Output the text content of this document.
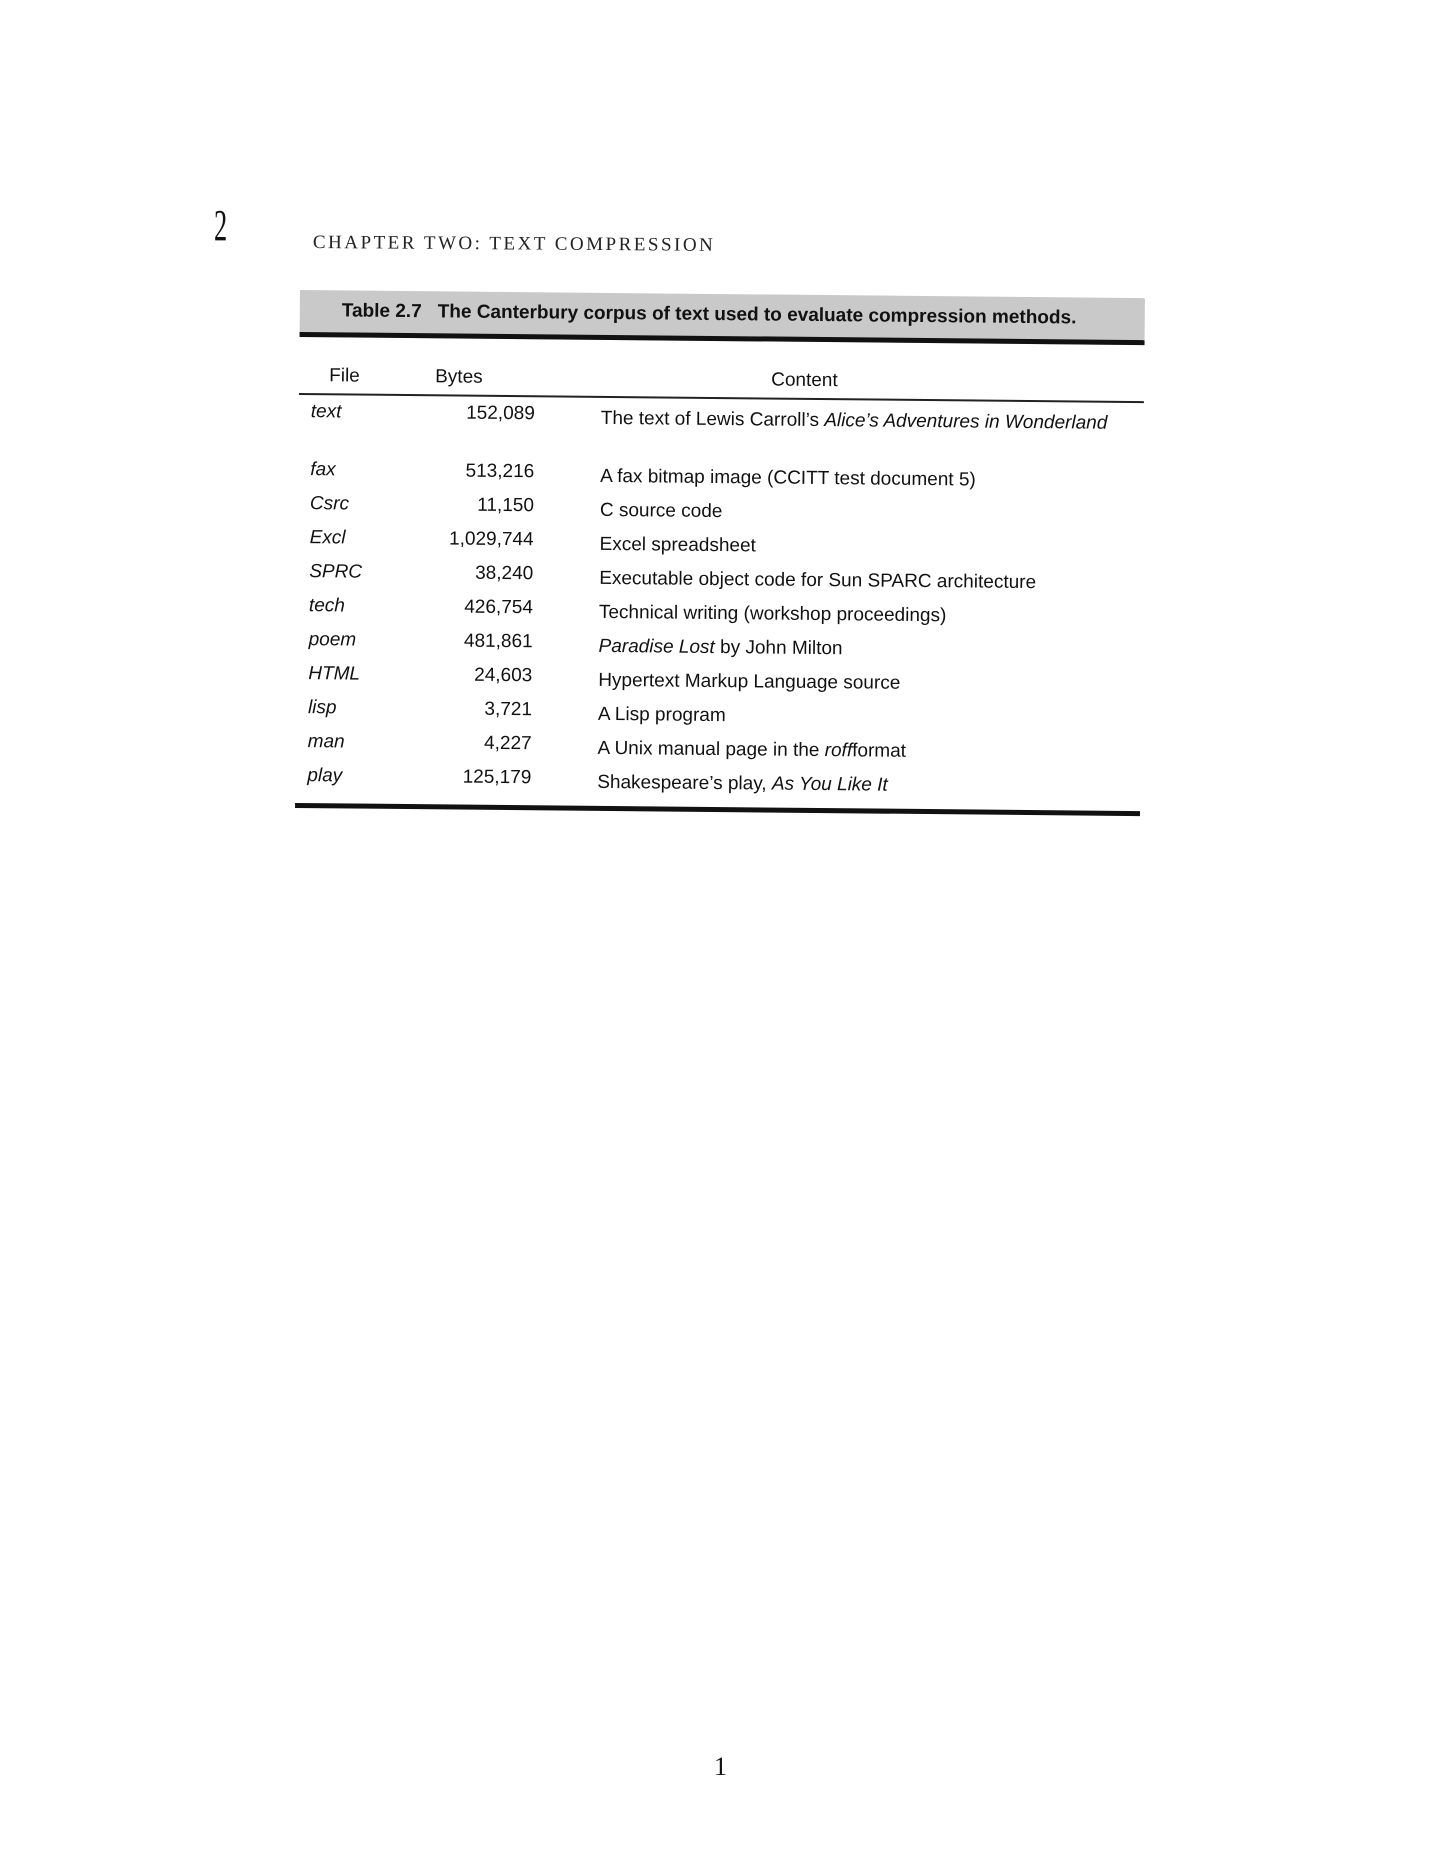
2	CHAPTER TWO: TEXT COMPRESSION
Table 2.7 The Canterbury corpus of text used to evaluate compression methods.
File	Bytes	Content
text	152,089	The text of Lewis Carroll’s Alice’s Adventures in Wonderland
fax	513,216	A fax bitmap image (CCITT test document 5)
Csrc	11,150	C source code
Excl	1,029,744	Excel spreadsheet
SPRC	38,240	Executable object code for Sun SPARC architecture
tech	426,754	Technical writing (workshop proceedings)
poem	481,861	Paradise Lost by John Milton
HTML	24,603	Hypertext Markup Language source
lisp	3,721	A Lisp program
man	4,227	A Unix manual page in the roffformat
play	125,179	Shakespeare’s play, As You Like It
1
